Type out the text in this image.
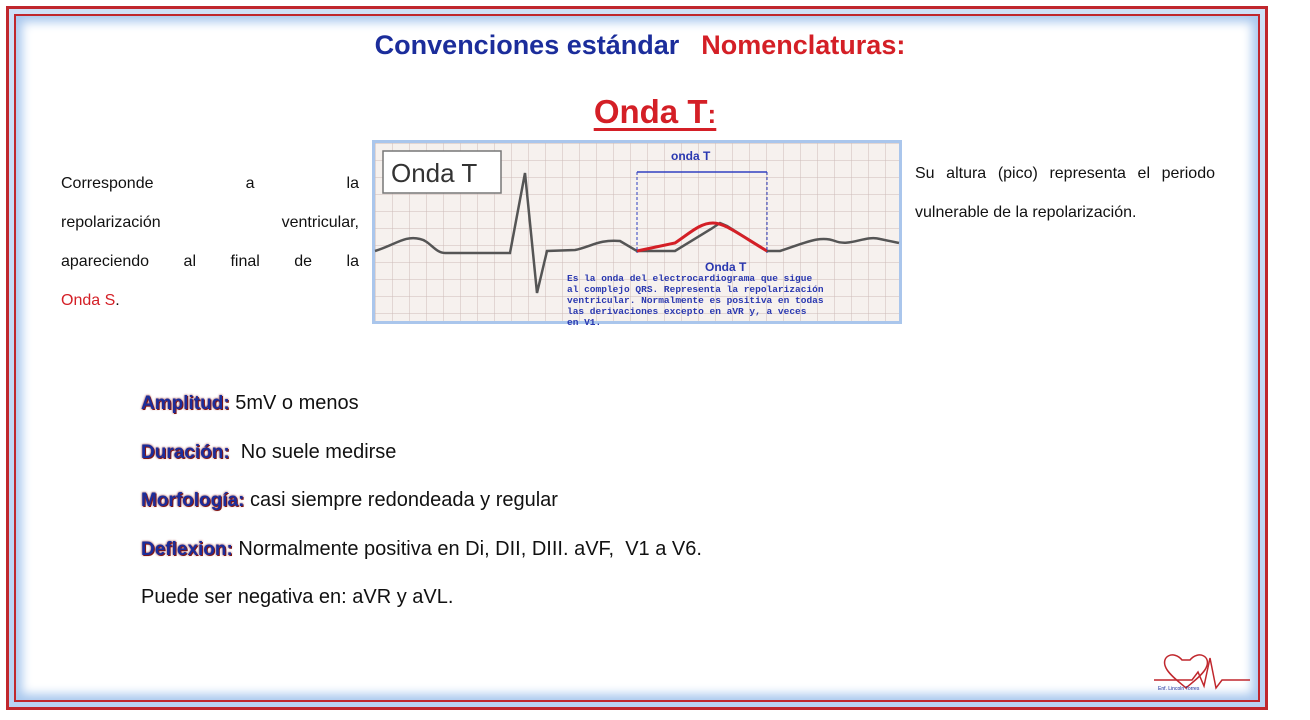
Convenciones estándar Nomenclaturas:
Onda T:
Corresponde a la
repolarización ventricular,
apareciendo al final de la
Onda S.
Su altura (pico) representa el periodo vulnerable de la repolarización.
Onda T
onda T
Onda T
Es la onda del electrocardiograma que sigue
al complejo QRS. Representa la repolarización
ventricular. Normalmente es positiva en todas
las derivaciones excepto en aVR y, a veces
en V1.
Amplitud: 5mV o menos
Duración:  No suele medirse
Morfología: casi siempre redondeada y regular
Deflexion: Normalmente positiva en Di, DII, DIII. aVF,  V1 a V6.
Puede ser negativa en: aVR y aVL.
Enf. Lincoln Torres
